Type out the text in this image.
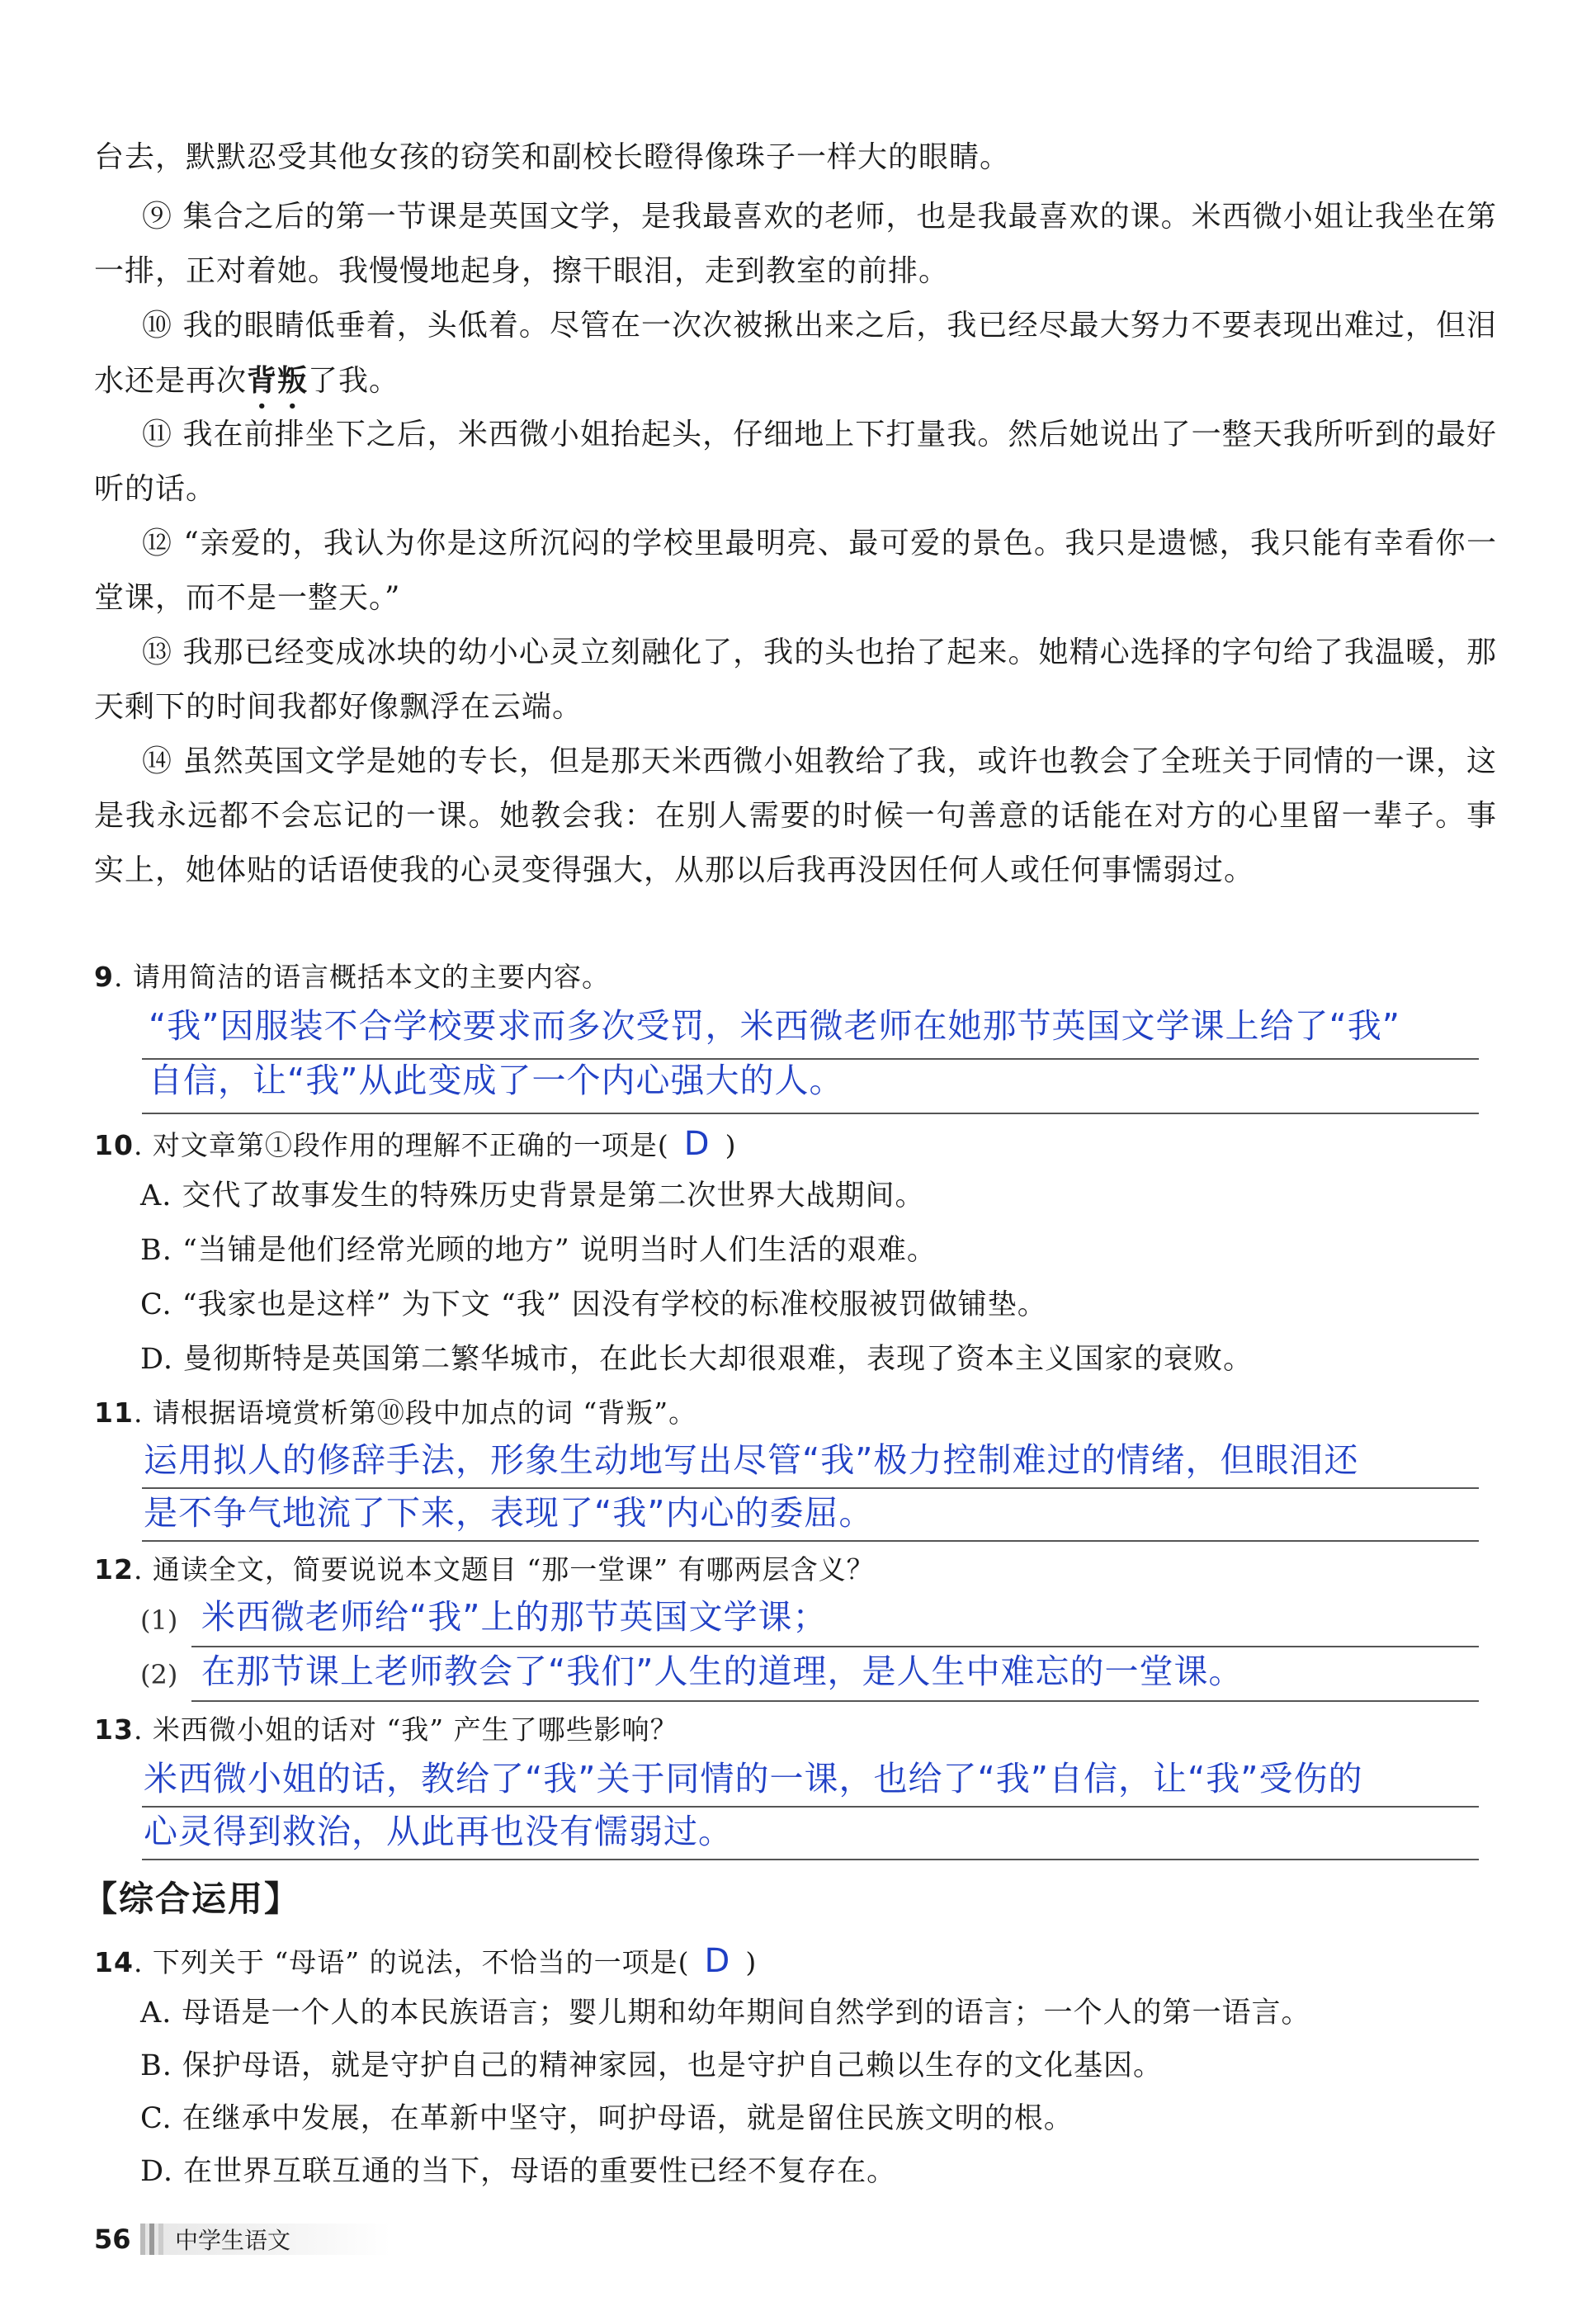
台去，默默忍受其他女孩的窃笑和副校长瞪得像珠子一样大的眼睛。

⑨ 集合之后的第一节课是英国文学，是我最喜欢的老师，也是我最喜欢的课。米西微小姐让我坐在第一排，正对着她。我慢慢地起身，擦干眼泪，走到教室的前排。

⑩ 我的眼睛低垂着，头低着。尽管在一次次被揪出来之后，我已经尽最大努力不要表现出难过，但泪水还是再次背叛了我。

⑪ 我在前排坐下之后，米西微小姐抬起头，仔细地上下打量我。然后她说出了一整天我所听到的最好听的话。

⑫ “亲爱的，我认为你是这所沉闷的学校里最明亮、最可爱的景色。我只是遗憾，我只能有幸看你一堂课，而不是一整天。”

⑬ 我那已经变成冰块的幼小心灵立刻融化了，我的头也抬了起来。她精心选择的字句给了我温暖，那天剩下的时间我都好像飘浮在云端。

⑭ 虽然英国文学是她的专长，但是那天米西微小姐教给了我，或许也教会了全班关于同情的一课，这是我永远都不会忘记的一课。她教会我：在别人需要的时候一句善意的话能在对方的心里留一辈子。事实上，她体贴的话语使我的心灵变得强大，从那以后我再没因任何人或任何事懦弱过。

9. 请用简洁的语言概括本文的主要内容。

“我”因服装不合学校要求而多次受罚，米西微老师在她那节英国文学课上给了“我”
自信，让“我”从此变成了一个内心强大的人。

10. 对文章第①段作用的理解不正确的一项是( D )

A. 交代了故事发生的特殊历史背景是第二次世界大战期间。

B. “当铺是他们经常光顾的地方” 说明当时人们生活的艰难。

C. “我家也是这样” 为下文 “我” 因没有学校的标准校服被罚做铺垫。

D. 曼彻斯特是英国第二繁华城市，在此长大却很艰难，表现了资本主义国家的衰败。

11. 请根据语境赏析第⑩段中加点的词 “背叛”。

运用拟人的修辞手法，形象生动地写出尽管“我”极力控制难过的情绪，但眼泪还
是不争气地流了下来，表现了“我”内心的委屈。

12. 通读全文，简要说说本文题目 “那一堂课” 有哪两层含义？

(1) 米西微老师给“我”上的那节英国文学课；
(2) 在那节课上老师教会了“我们”人生的道理，是人生中难忘的一堂课。

13. 米西微小姐的话对 “我” 产生了哪些影响？

米西微小姐的话，教给了“我”关于同情的一课，也给了“我”自信，让“我”受伤的
心灵得到救治，从此再也没有懦弱过。
【综合运用】

14. 下列关于 “母语” 的说法，不恰当的一项是( D )

A. 母语是一个人的本民族语言；婴儿期和幼年期间自然学到的语言；一个人的第一语言。

B. 保护母语，就是守护自己的精神家园，也是守护自己赖以生存的文化基因。

C. 在继承中发展，在革新中坚守，呵护母语，就是留住民族文明的根。

D. 在世界互联互通的当下，母语的重要性已经不复存在。

56	中学生语文
